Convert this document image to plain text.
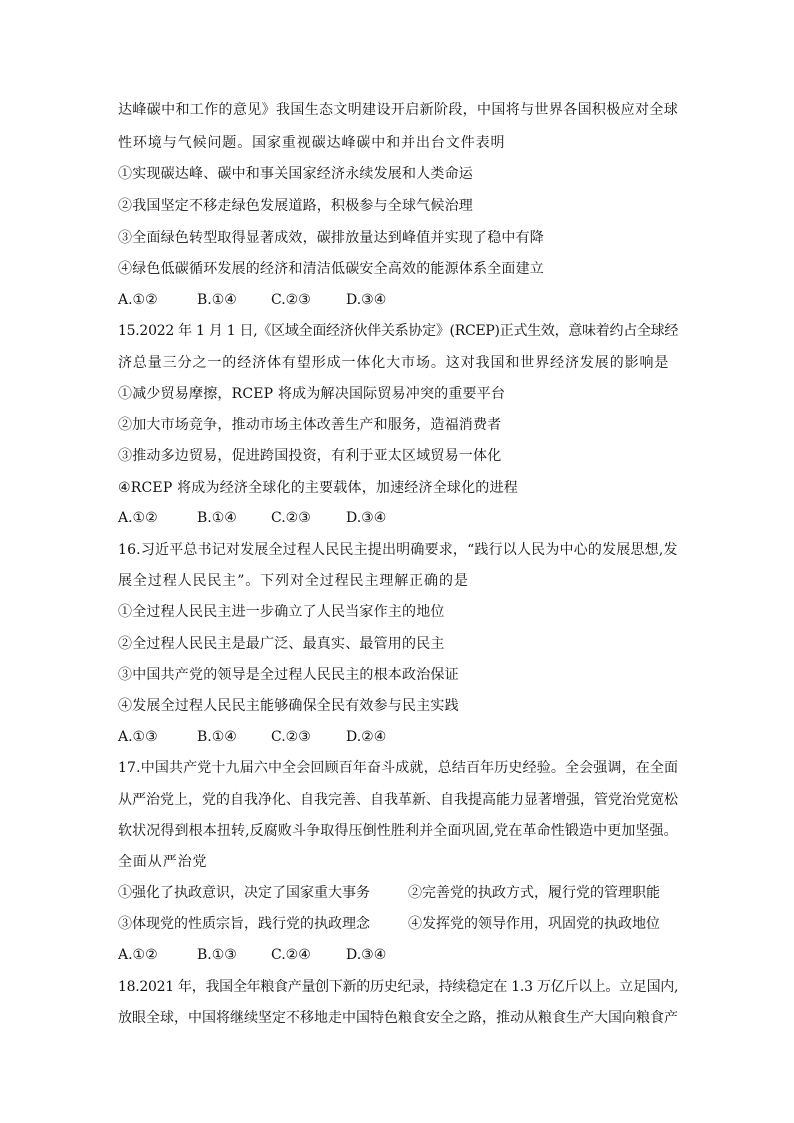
达峰碳中和工作的意见》我国生态文明建设开启新阶段，中国将与世界各国积极应对全球
性环境与气候问题。国家重视碳达峰碳中和并出台文件表明
①实现碳达峰、碳中和事关国家经济永续发展和人类命运
②我国坚定不移走绿色发展道路，积极参与全球气候治理
③全面绿色转型取得显著成效，碳排放量达到峰值并实现了稳中有降
④绿色低碳循环发展的经济和清洁低碳安全高效的能源体系全面建立
A.①②	B.①④ C.②③	D.③④
15.2022 年 1 月 1 日,《区域全面经济伙伴关系协定》(RCEP)正式生效，意味着约占全球经
济总量三分之一的经济体有望形成一体化大市场。这对我国和世界经济发展的影响是
①减少贸易摩擦，RCEP 将成为解决国际贸易冲突的重要平台
②加大市场竞争，推动市场主体改善生产和服务，造福消费者
③推动多边贸易，促进跨国投资，有利于亚太区域贸易一体化
④RCEP 将成为经济全球化的主要载体，加速经济全球化的进程
A.①②	B.①④ C.②③	D.③④
16.习近平总书记对发展全过程人民民主提出明确要求，“践行以人民为中心的发展思想,发
展全过程人民民主”。下列对全过程民主理解正确的是
①全过程人民民主进一步确立了人民当家作主的地位
②全过程人民民主是最广泛、最真实、最管用的民主
③中国共产党的领导是全过程人民民主的根本政治保证
④发展全过程人民民主能够确保全民有效参与民主实践
A.①③	B.①④ C.②③	D.②④
17.中国共产党十九届六中全会回顾百年奋斗成就，总结百年历史经验。全会强调，在全面
从严治党上，党的自我净化、自我完善、自我革新、自我提高能力显著增强，管党治党宽松
软状况得到根本扭转,反腐败斗争取得压倒性胜利并全面巩固,党在革命性锻造中更加坚强。
全面从严治党
①强化了执政意识，决定了国家重大事务	②完善党的执政方式，履行党的管理职能
③体现党的性质宗旨，践行党的执政理念	④发挥党的领导作用，巩固党的执政地位
A.①②	B.①③ C.②④	D.③④
18.2021 年，我国全年粮食产量创下新的历史纪录，持续稳定在 1.3 万亿斤以上。立足国内,
放眼全球，中国将继续坚定不移地走中国特色粮食安全之路，推动从粮食生产大国向粮食产
